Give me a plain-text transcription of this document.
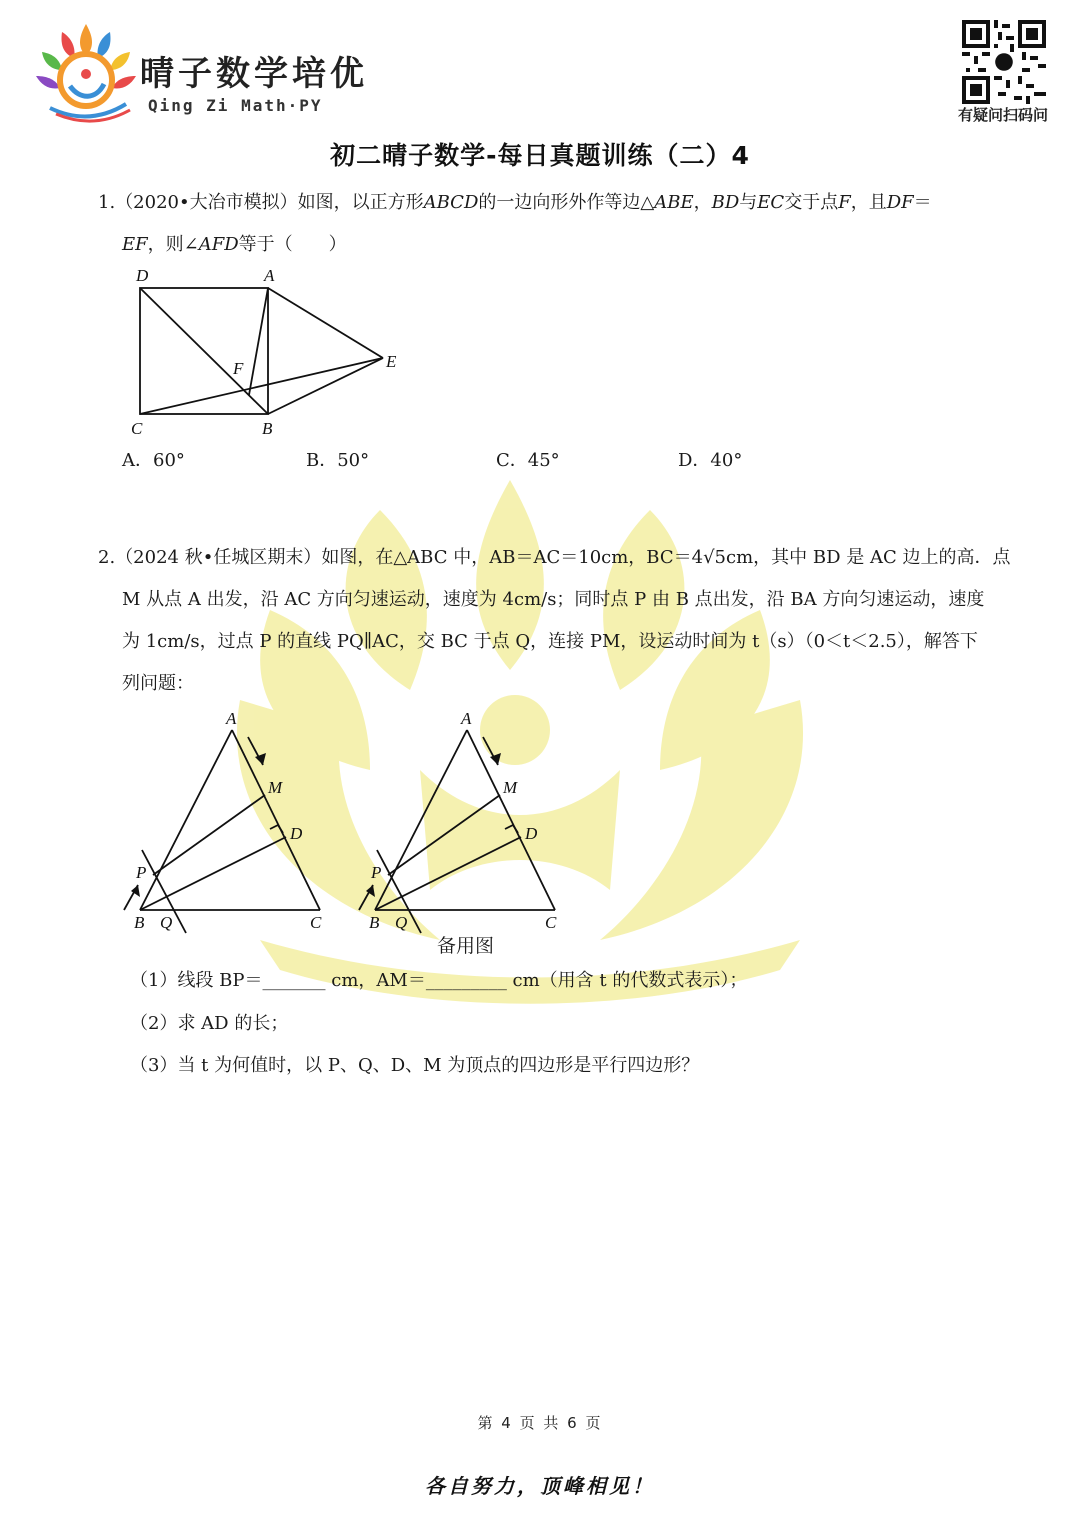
晴子数学培优
Qing Zi Math·PY	有疑问扫码问
初二晴子数学-每日真题训练（二）4
1.（2020•大冶市模拟）如图，以正方形ABCD的一边向形外作等边△ABE，BD与EC交于点F，且DF＝
EF，则∠AFD等于（　　）
D	A
F	E
C	B
A．60°	B．50°	C．45°	D．40°
2.（2024 秋•任城区期末）如图，在△ABC 中，AB＝AC＝10cm，BC＝4√5cm，其中 BD 是 AC 边上的高．点
M 从点 A 出发，沿 AC 方向匀速运动，速度为 4cm/s；同时点 P 由 B 点出发，沿 BA 方向匀速运动，速度
为 1cm/s，过点 P 的直线 PQ∥AC，交 BC 于点 Q，连接 PM，设运动时间为 t（s）（0＜t＜2.5），解答下
列问题：
A
M
D
P
B Q	C
A
M
D
P
B Q	C
备用图
（1）线段 BP＝_______ cm，AM＝_________ cm（用含 t 的代数式表示）；
（2）求 AD 的长；
（3）当 t 为何值时，以 P、Q、D、M 为顶点的四边形是平行四边形？
第 4 页 共 6 页
各自努力，顶峰相见！
